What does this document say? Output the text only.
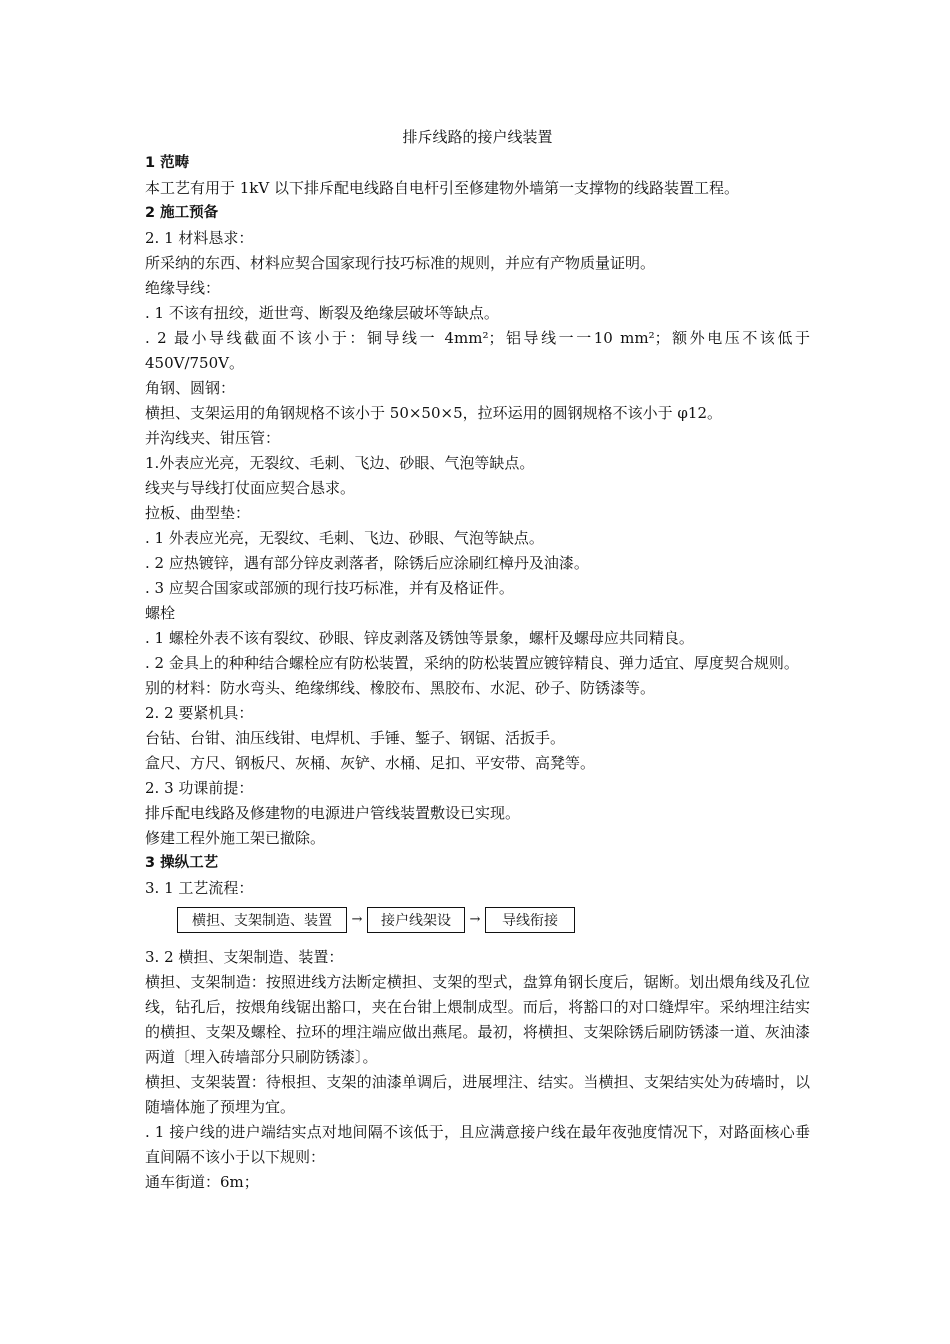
排斥线路的接户线装置

1 范畴

本工艺有用于 1kV 以下排斥配电线路自电杆引至修建物外墙第一支撑物的线路装置工程。

2 施工预备

2. 1 材料恳求：

所采纳的东西、材料应契合国家现行技巧标准的规则，并应有产物质量证明。

绝缘导线：

. 1 不该有扭绞，逝世弯、断裂及绝缘层破坏等缺点。

. 2 最小导线截面不该小于：铜导线一 4mm²；铝导线一一10 mm²；额外电压不该低于 450V/750V。

角钢、圆钢：

横担、支架运用的角钢规格不该小于 50×50×5，拉环运用的圆钢规格不该小于 φ12。

并沟线夹、钳压管：

1.外表应光亮，无裂纹、毛刺、飞边、砂眼、气泡等缺点。

线夹与导线打仗面应契合恳求。

拉板、曲型垫：

. 1 外表应光亮，无裂纹、毛刺、飞边、砂眼、气泡等缺点。

. 2 应热镀锌，遇有部分锌皮剥落者，除锈后应涂刷红樟丹及油漆。

. 3 应契合国家或部颁的现行技巧标准，并有及格证件。

螺栓

. 1 螺栓外表不该有裂纹、砂眼、锌皮剥落及锈蚀等景象，螺杆及螺母应共同精良。

. 2 金具上的种种结合螺栓应有防松装置，采纳的防松装置应镀锌精良、弹力适宜、厚度契合规则。

别的材料：防水弯头、绝缘绑线、橡胶布、黑胶布、水泥、砂子、防锈漆等。

2. 2 要紧机具：

台钻、台钳、油压线钳、电焊机、手锤、錾子、钢锯、活扳手。

盒尺、方尺、钢板尺、灰桶、灰铲、水桶、足扣、平安带、高凳等。

2. 3 功课前提：

排斥配电线路及修建物的电源进户管线装置敷设已实现。

修建工程外施工架已撤除。

3 操纵工艺

3. 1 工艺流程：

横担、支架制造、装置	→	接户线架设	→	导线衔接

3. 2 横担、支架制造、装置：

横担、支架制造：按照进线方法断定横担、支架的型式，盘算角钢长度后，锯断。划出煨角线及孔位线，钻孔后，按煨角线锯出豁口，夹在台钳上煨制成型。而后，将豁口的对口缝焊牢。采纳埋注结实的横担、支架及螺栓、拉环的埋注端应做出燕尾。最初，将横担、支架除锈后刷防锈漆一道、灰油漆两道〔埋入砖墙部分只刷防锈漆〕。

横担、支架装置：待根担、支架的油漆单调后，进展埋注、结实。当横担、支架结实处为砖墙时，以随墙体施了预埋为宜。

. 1 接户线的进户端结实点对地间隔不该低于，且应满意接户线在最年夜弛度情况下，对路面核心垂直间隔不该小于以下规则：

通车街道：6m；
